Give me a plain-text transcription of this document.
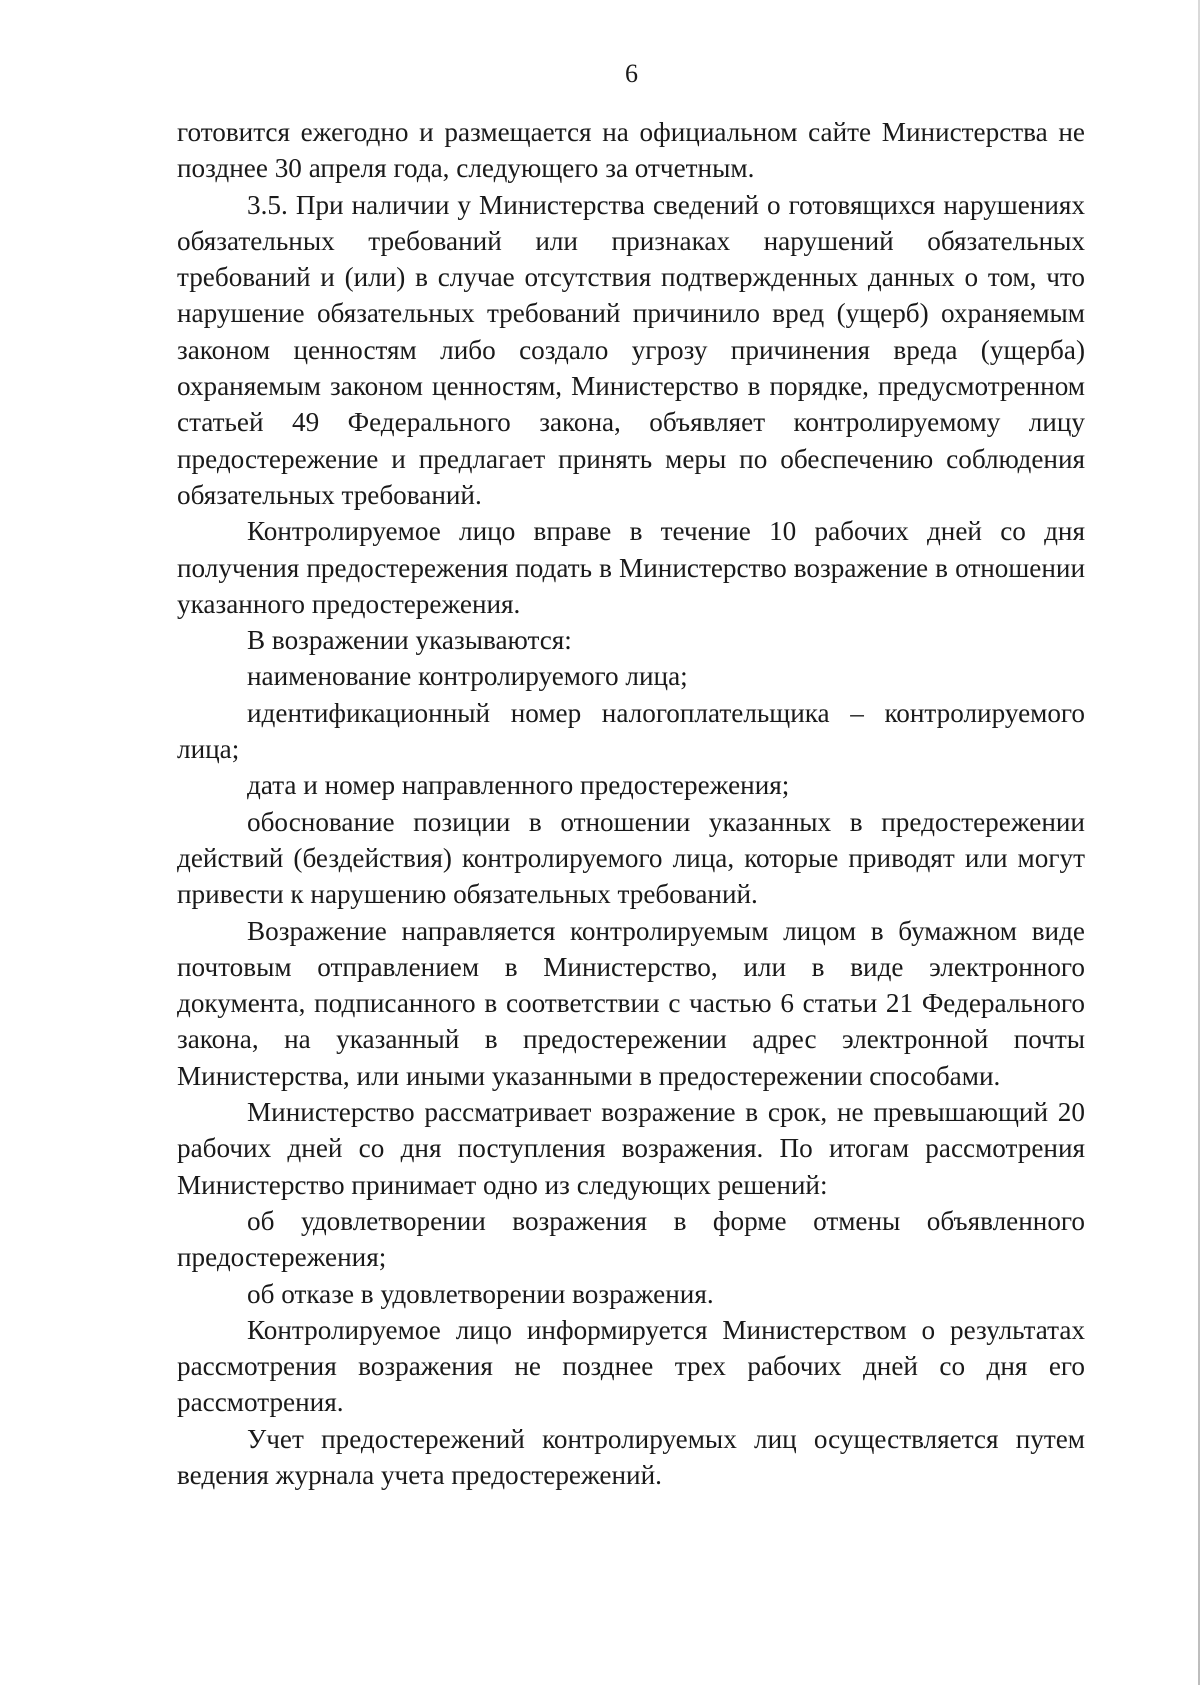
6

готовится ежегодно и размещается на официальном сайте Министерства не позднее 30 апреля года, следующего за отчетным.

3.5. При наличии у Министерства сведений о готовящихся нарушениях обязательных требований или признаках нарушений обязательных требований и (или) в случае отсутствия подтвержденных данных о том, что нарушение обязательных требований причинило вред (ущерб) охраняемым законом ценностям либо создало угрозу причинения вреда (ущерба) охраняемым законом ценностям, Министерство в порядке, предусмотренном статьей 49 Федерального закона, объявляет контролируемому лицу предостережение и предлагает принять меры по обеспечению соблюдения обязательных требований.

Контролируемое лицо вправе в течение 10 рабочих дней со дня получения предостережения подать в Министерство возражение в отношении указанного предостережения.

В возражении указываются:

наименование контролируемого лица;

идентификационный номер налогоплательщика – контролируемого лица;

дата и номер направленного предостережения;

обоснование позиции в отношении указанных в предостережении действий (бездействия) контролируемого лица, которые приводят или могут привести к нарушению обязательных требований.

Возражение направляется контролируемым лицом в бумажном виде почтовым отправлением в Министерство, или в виде электронного документа, подписанного в соответствии с частью 6 статьи 21 Федерального закона, на указанный в предостережении адрес электронной почты Министерства, или иными указанными в предостережении способами.

Министерство рассматривает возражение в срок, не превышающий 20 рабочих дней со дня поступления возражения. По итогам рассмотрения Министерство принимает одно из следующих решений:

об удовлетворении возражения в форме отмены объявленного предостережения;

об отказе в удовлетворении возражения.

Контролируемое лицо информируется Министерством о результатах рассмотрения возражения не позднее трех рабочих дней со дня его рассмотрения.

Учет предостережений контролируемых лиц осуществляется путем ведения журнала учета предостережений.
